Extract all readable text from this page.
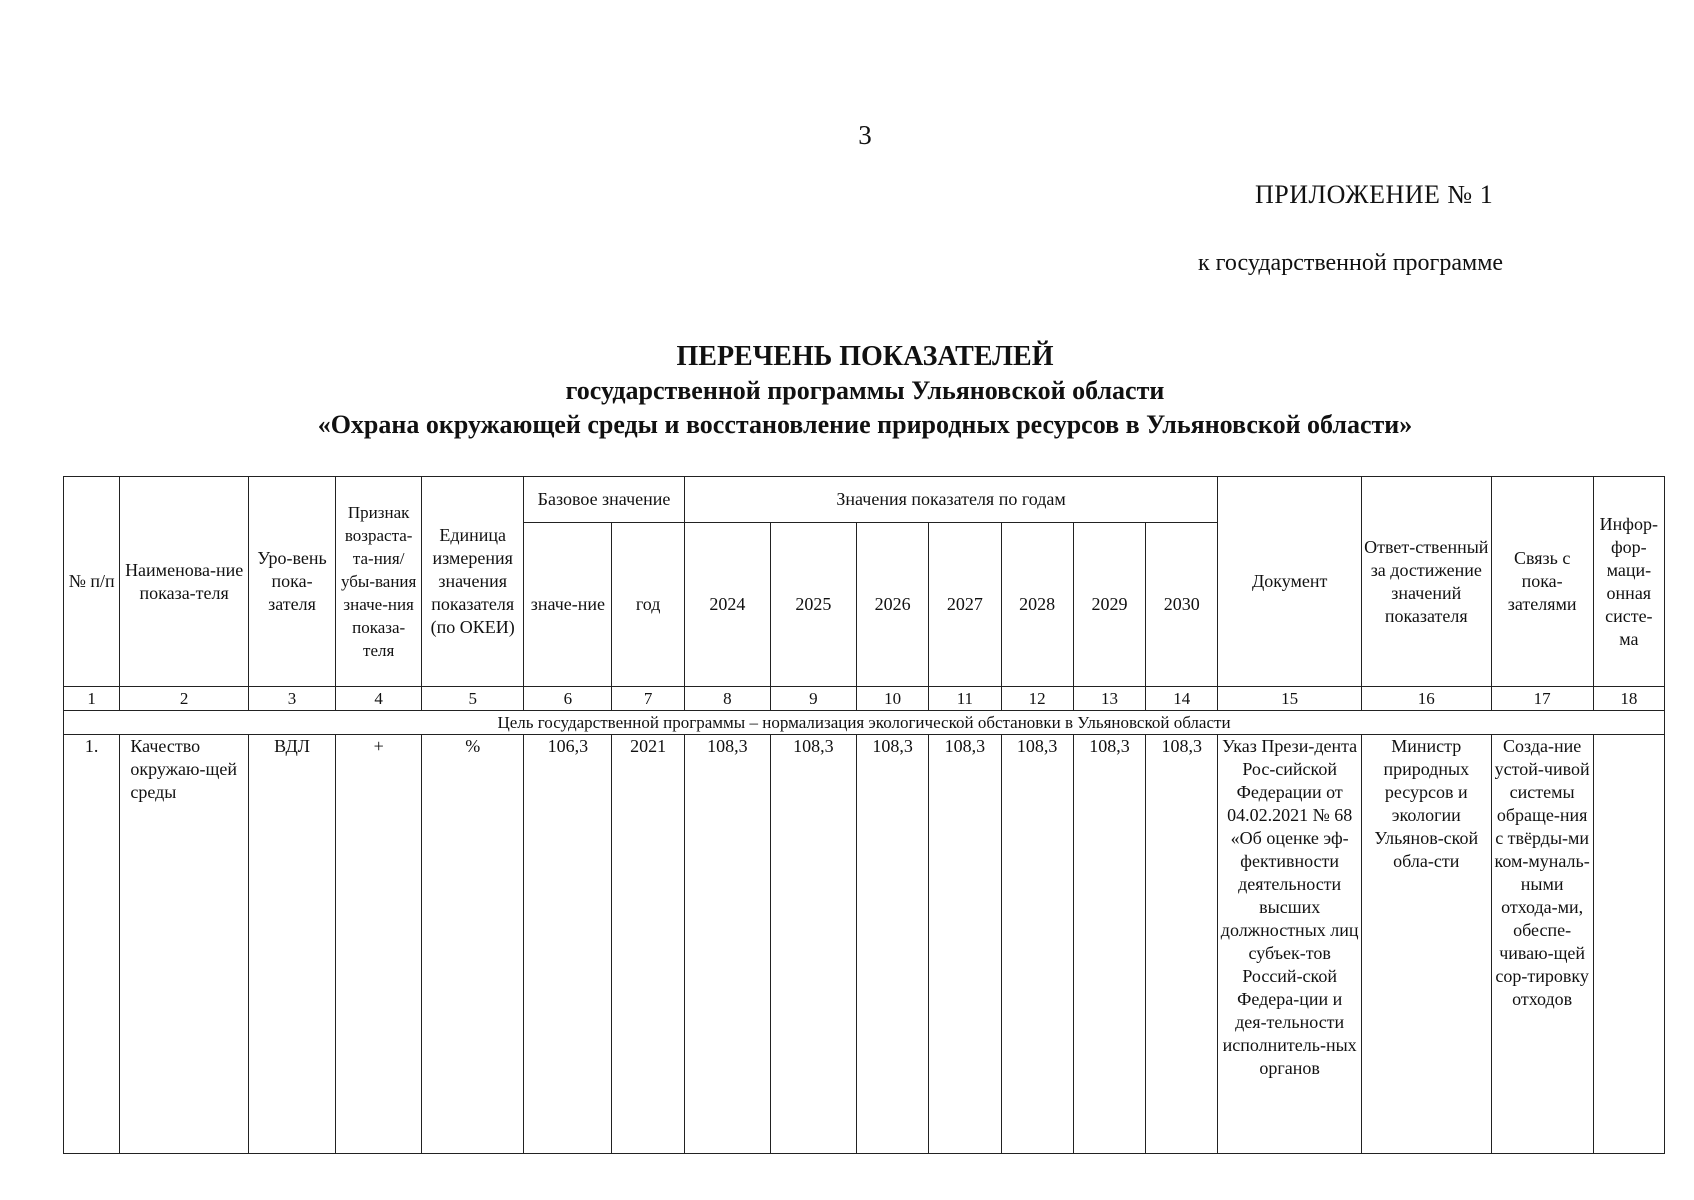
3
ПРИЛОЖЕНИЕ № 1
к государственной программе
ПЕРЕЧЕНЬ ПОКАЗАТЕЛЕЙ
государственной программы Ульяновской области
«Охрана окружающей среды и восстановление природных ресурсов в Ульяновской области»
№ п/п	Наименова-ние показа-теля	Уро-вень пока-зателя	Признак возраста-та-ния/убы-вания значе-ния показа-теля	Единица измерения значения показателя (по ОКЕИ)	Базовое значение		Значения показателя по годам							Документ	Ответ-ственный за достижение значений показателя	Связь с пока-зателями	Инфор-фор-маци-онная систе-ма
					значе-ние	год	2024	2025	2026	2027	2028	2029	2030				
1	2	3	4	5	6	7	8	9	10	11	12	13	14	15	16	17	18
Цель государственной программы – нормализация экологической обстановки в Ульяновской области																	
1.	Качество окружаю-щей среды	ВДЛ	+	%	106,3	2021	108,3	108,3	108,3	108,3	108,3	108,3	108,3	Указ Прези-дента Рос-сийской Федерации от 04.02.2021 № 68 «Об оценке эф-фективности деятельности высших должностных лиц субъек-тов Россий-ской Федера-ции и дея-тельности исполнитель-ных органов	Министр природных ресурсов и экологии Ульянов-ской обла-сти	Созда-ние устой-чивой системы обраще-ния с твёрды-ми ком-муналь-ными отхода-ми, обеспе-чиваю-щей сор-тировку отходов	
